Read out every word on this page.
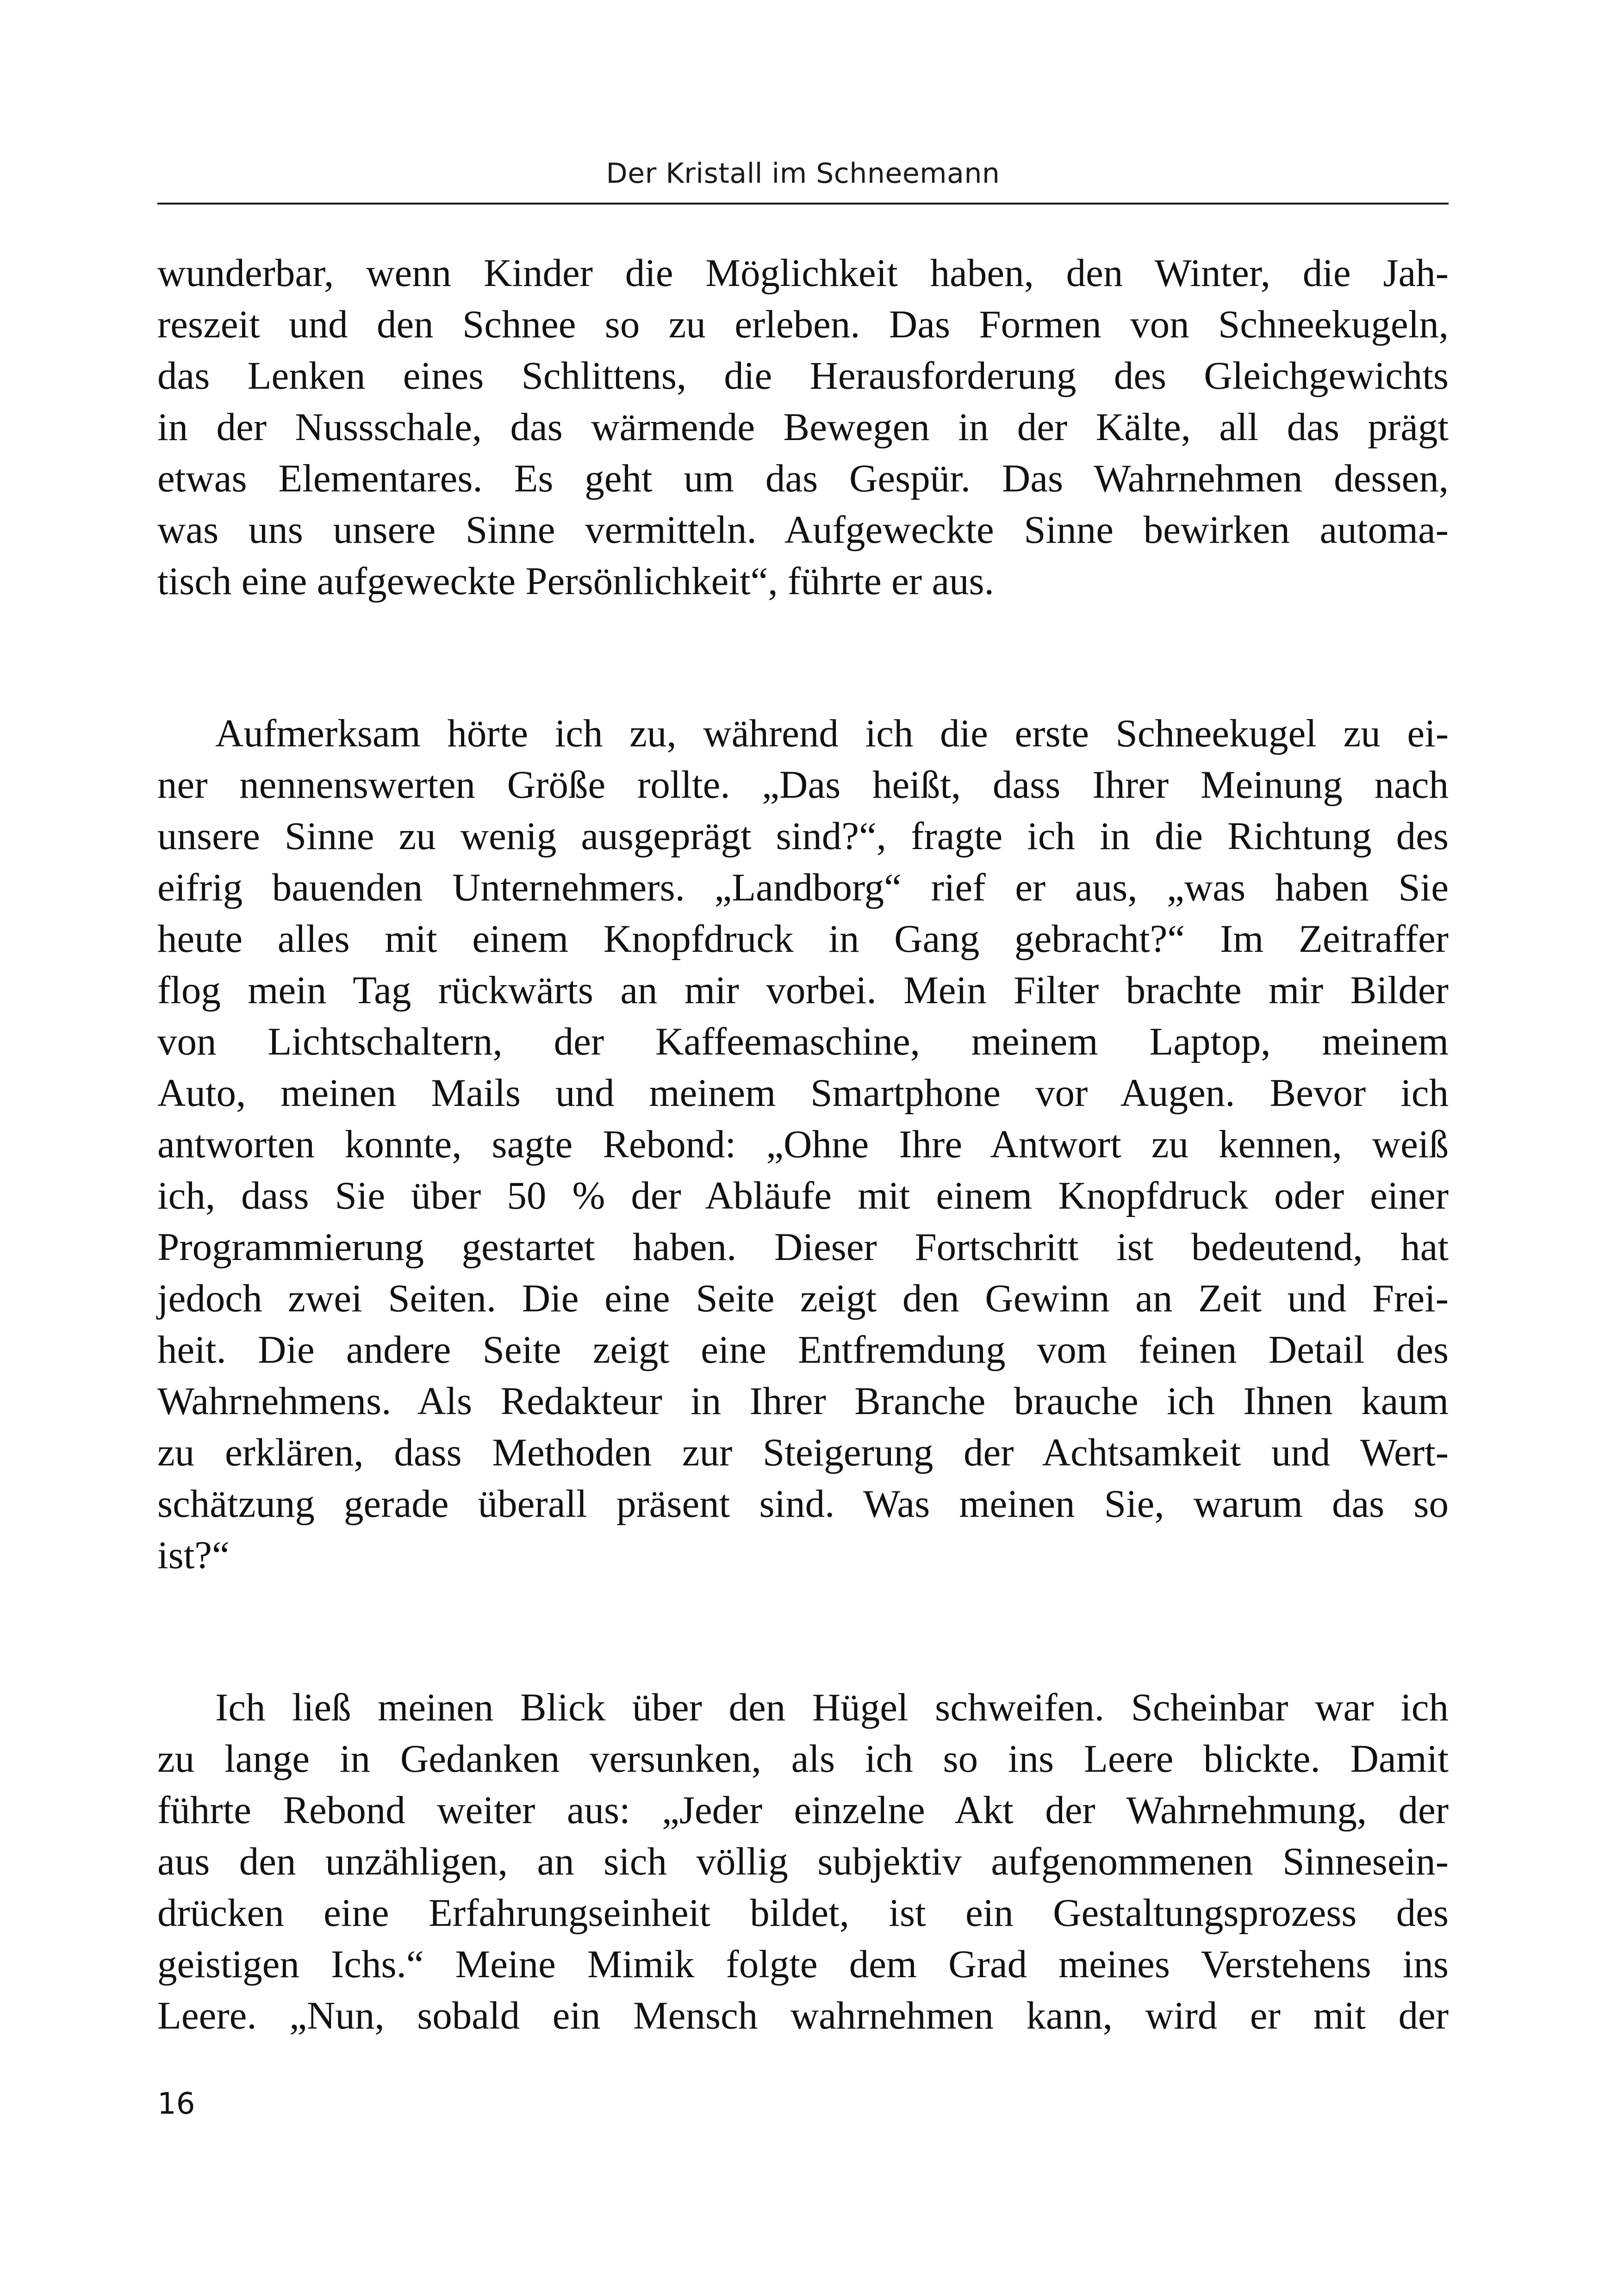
Der Kristall im Schneemann
wunderbar, wenn Kinder die Möglichkeit haben, den Winter, die Jah-
reszeit und den Schnee so zu erleben. Das Formen von Schneekugeln,
das Lenken eines Schlittens, die Herausforderung des Gleichgewichts
in der Nussschale, das wärmende Bewegen in der Kälte, all das prägt
etwas Elementares. Es geht um das Gespür. Das Wahrnehmen dessen,
was uns unsere Sinne vermitteln. Aufgeweckte Sinne bewirken automa-
tisch eine aufgeweckte Persönlichkeit“, führte er aus.
Aufmerksam hörte ich zu, während ich die erste Schneekugel zu ei-
ner nennenswerten Größe rollte. „Das heißt, dass Ihrer Meinung nach
unsere Sinne zu wenig ausgeprägt sind?“, fragte ich in die Richtung des
eifrig bauenden Unternehmers. „Landborg“ rief er aus, „was haben Sie
heute alles mit einem Knopfdruck in Gang gebracht?“ Im Zeitraffer
flog mein Tag rückwärts an mir vorbei. Mein Filter brachte mir Bilder
von Lichtschaltern, der Kaffeemaschine, meinem Laptop, meinem
Auto, meinen Mails und meinem Smartphone vor Augen. Bevor ich
antworten konnte, sagte Rebond: „Ohne Ihre Antwort zu kennen, weiß
ich, dass Sie über 50 % der Abläufe mit einem Knopfdruck oder einer
Programmierung gestartet haben. Dieser Fortschritt ist bedeutend, hat
jedoch zwei Seiten. Die eine Seite zeigt den Gewinn an Zeit und Frei-
heit. Die andere Seite zeigt eine Entfremdung vom feinen Detail des
Wahrnehmens. Als Redakteur in Ihrer Branche brauche ich Ihnen kaum
zu erklären, dass Methoden zur Steigerung der Achtsamkeit und Wert-
schätzung gerade überall präsent sind. Was meinen Sie, warum das so
ist?“
Ich ließ meinen Blick über den Hügel schweifen. Scheinbar war ich
zu lange in Gedanken versunken, als ich so ins Leere blickte. Damit
führte Rebond weiter aus: „Jeder einzelne Akt der Wahrnehmung, der
aus den unzähligen, an sich völlig subjektiv aufgenommenen Sinnesein-
drücken eine Erfahrungseinheit bildet, ist ein Gestaltungsprozess des
geistigen Ichs.“ Meine Mimik folgte dem Grad meines Verstehens ins
Leere. „Nun, sobald ein Mensch wahrnehmen kann, wird er mit der
16
